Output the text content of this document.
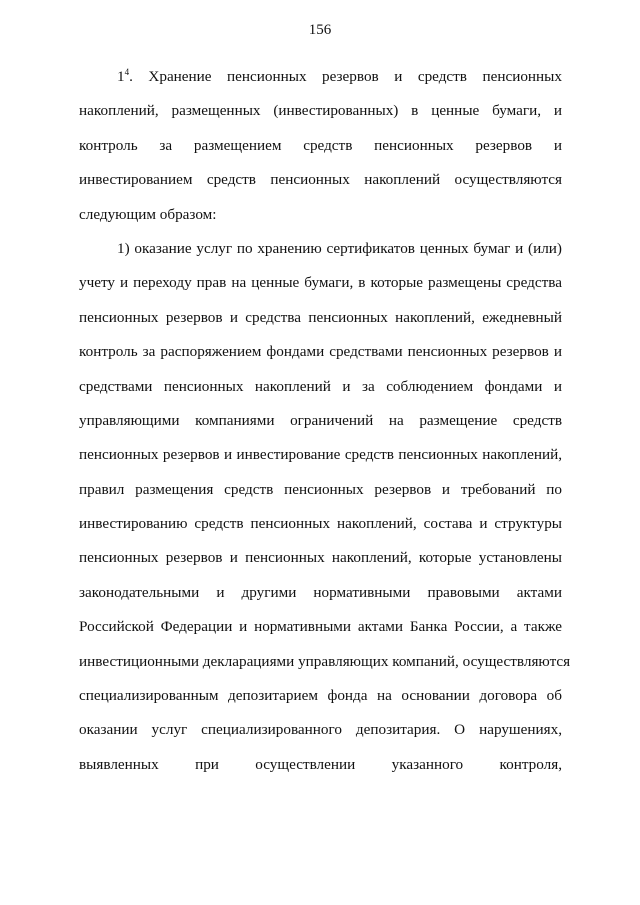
156
$1^4$. Хранение пенсионных резервов и средств пенсионных
накоплений, размещенных (инвестированных) в ценные бумаги, и
контроль за размещением средств пенсионных резервов и
инвестированием средств пенсионных накоплений осуществляются
следующим образом:
1) оказание услуг по хранению сертификатов ценных бумаг и (или)
учету и переходу прав на ценные бумаги, в которые размещены средства
пенсионных резервов и средства пенсионных накоплений, ежедневный
контроль за распоряжением фондами средствами пенсионных резервов и
средствами пенсионных накоплений и за соблюдением фондами и
управляющими компаниями ограничений на размещение средств
пенсионных резервов и инвестирование средств пенсионных накоплений,
правил размещения средств пенсионных резервов и требований по
инвестированию средств пенсионных накоплений, состава и структуры
пенсионных резервов и пенсионных накоплений, которые установлены
законодательными и другими нормативными правовыми актами
Российской Федерации и нормативными актами Банка России, а также
инвестиционными декларациями управляющих компаний, осуществляются
специализированным депозитарием фонда на основании договора об
оказании услуг специализированного депозитария. О нарушениях,
выявленных при осуществлении указанного контроля,
